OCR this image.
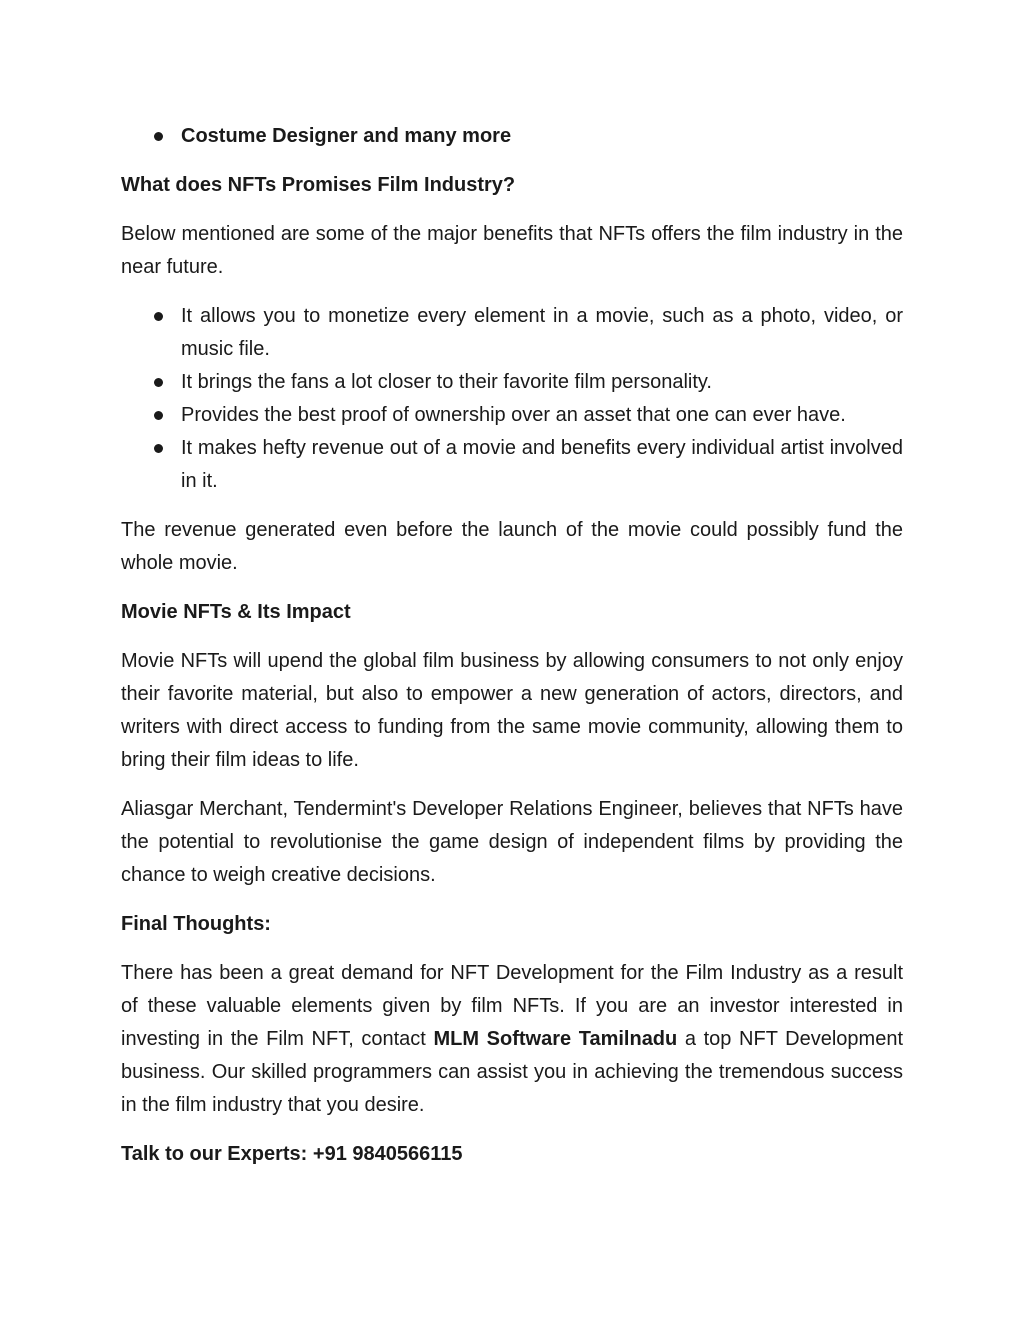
Costume Designer and many more

What does NFTs Promises Film Industry?

Below mentioned are some of the major benefits that NFTs offers the film industry in the near future.

It allows you to monetize every element in a movie, such as a photo, video, or music file.
It brings the fans a lot closer to their favorite film personality.
Provides the best proof of ownership over an asset that one can ever have.
It makes hefty revenue out of a movie and benefits every individual artist involved in it.

The revenue generated even before the launch of the movie could possibly fund the whole movie.

Movie NFTs & Its Impact

Movie NFTs will upend the global film business by allowing consumers to not only enjoy their favorite material, but also to empower a new generation of actors, directors, and writers with direct access to funding from the same movie community, allowing them to bring their film ideas to life.

Aliasgar Merchant, Tendermint's Developer Relations Engineer, believes that NFTs have the potential to revolutionise the game design of independent films by providing the chance to weigh creative decisions.

Final Thoughts:

There has been a great demand for NFT Development for the Film Industry as a result of these valuable elements given by film NFTs. If you are an investor interested in investing in the Film NFT, contact MLM Software Tamilnadu a top NFT Development business. Our skilled programmers can assist you in achieving the tremendous success in the film industry that you desire.

Talk to our Experts: +91 9840566115
